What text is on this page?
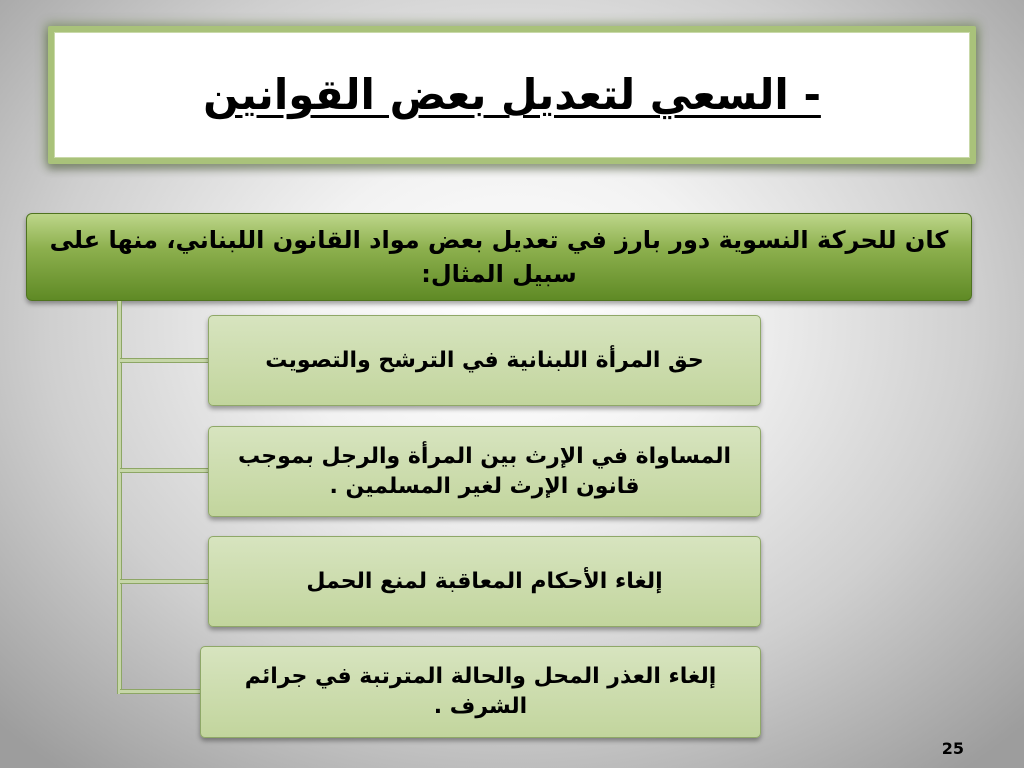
- السعي لتعديل بعض القوانين
كان للحركة النسوية دور بارز في تعديل بعض مواد القانون اللبناني، منها على سبيل المثال:
حق المرأة اللبنانية في الترشح والتصويت
المساواة في الإرث بين المرأة والرجل بموجب قانون الإرث لغير المسلمين .
إلغاء الأحكام المعاقبة لمنع الحمل
إلغاء العذر المحل والحالة المترتبة في جرائم الشرف .
25
